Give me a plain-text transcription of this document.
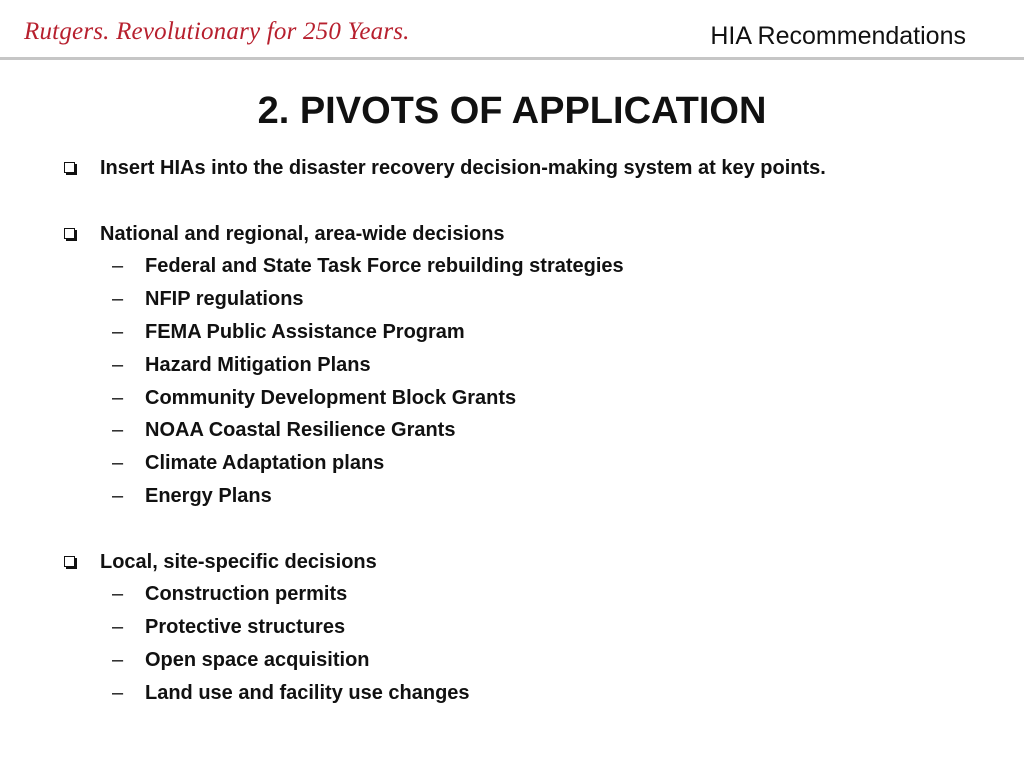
Rutgers. Revolutionary for 250 Years.	HIA Recommendations
2. PIVOTS OF APPLICATION
Insert HIAs into the disaster recovery decision-making system at key points.
National and regional, area-wide decisions
– Federal and State Task Force rebuilding strategies
– NFIP regulations
– FEMA Public Assistance Program
– Hazard Mitigation Plans
– Community Development Block Grants
– NOAA Coastal Resilience Grants
– Climate Adaptation plans
– Energy Plans
Local, site-specific decisions
– Construction permits
– Protective structures
– Open space acquisition
– Land use and facility use changes
